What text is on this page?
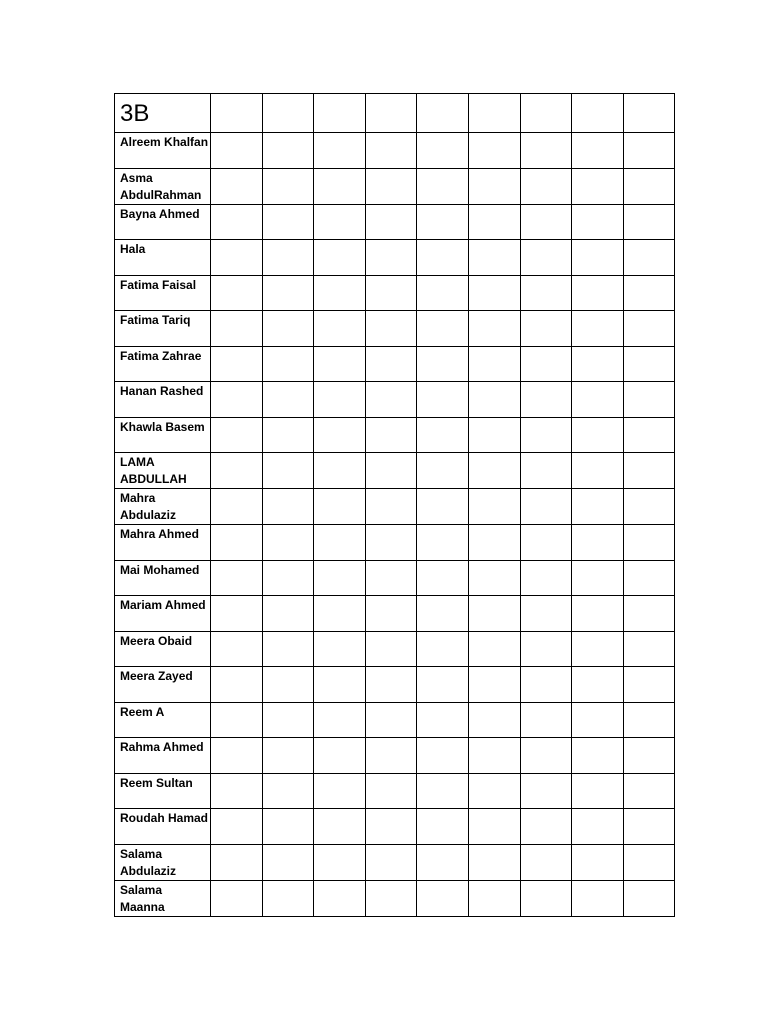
3B									
Alreem Khalfan									
Asma AbdulRahman									
Bayna Ahmed									
Hala									
Fatima Faisal									
Fatima Tariq									
Fatima Zahrae									
Hanan Rashed									
Khawla Basem									
LAMA ABDULLAH									
Mahra Abdulaziz									
Mahra Ahmed									
Mai Mohamed									
Mariam Ahmed									
Meera Obaid									
Meera Zayed									
Reem A									
Rahma Ahmed									
Reem Sultan									
Roudah Hamad									
Salama Abdulaziz									
Salama Maanna									
